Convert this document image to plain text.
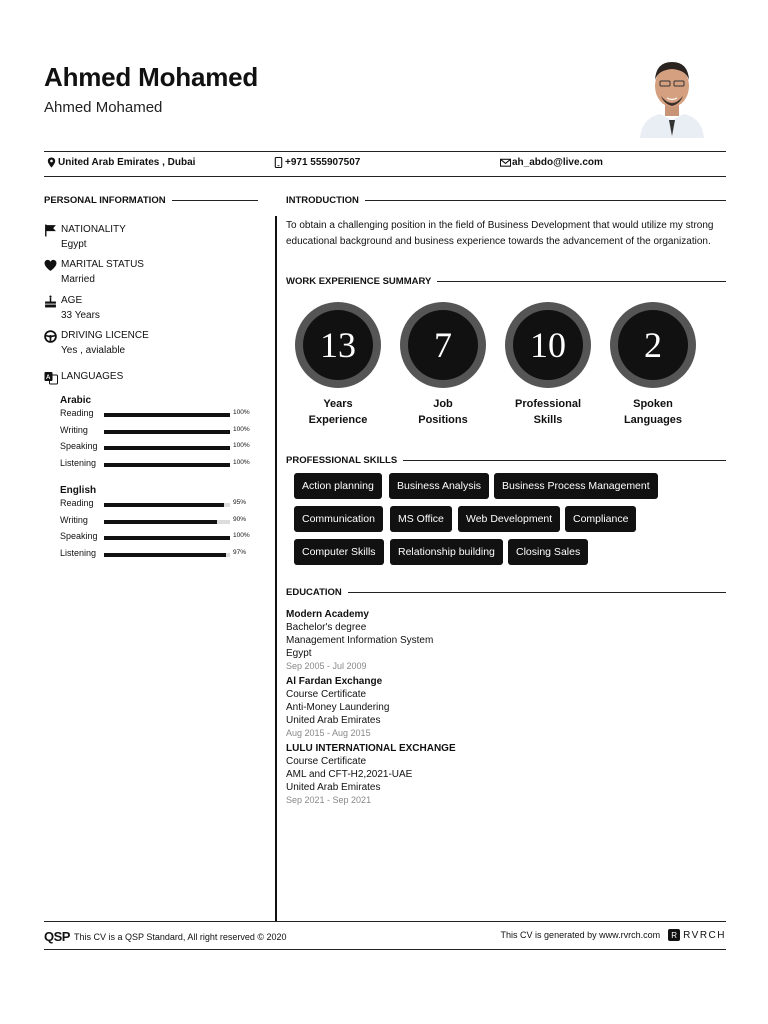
Ahmed Mohamed
Ahmed Mohamed
United Arab Emirates , Dubai	+971 555907507	ah_abdo@live.com
PERSONAL INFORMATION
NATIONALITY
Egypt
MARITAL STATUS
Married
AGE
33 Years
DRIVING LICENCE
Yes , avialable
A LANGUAGES
Arabic
Reading	100%
Writing	100%
Speaking	100%
Listening	100%
English
Reading	95%
Writing	90%
Speaking	100%
Listening	97%
INTRODUCTION
To obtain a challenging position in the field of Business Development that would utilize my strong educational background and business experience towards the advancement of the organization.
WORK EXPERIENCE SUMMARY
13
Years
Experience
7
Job
Positions
10
Professional
Skills
2
Spoken
Languages
PROFESSIONAL SKILLS
Action planning	Business Analysis	Business Process Management
Communication	MS Office	Web Development	Compliance
Computer Skills	Relationship building	Closing Sales
EDUCATION
Modern Academy
Bachelor's degree
Management Information System
Egypt
Sep 2005 - Jul 2009
Al Fardan Exchange
Course Certificate
Anti-Money Laundering
United Arab Emirates
Aug 2015 - Aug 2015
LULU INTERNATIONAL EXCHANGE
Course Certificate
AML and CFT-H2,2021-UAE
United Arab Emirates
Sep 2021 - Sep 2021
QSP This CV is a QSP Standard, All right reserved © 2020	This CV is generated by www.rvrch.com	R RVRCH
